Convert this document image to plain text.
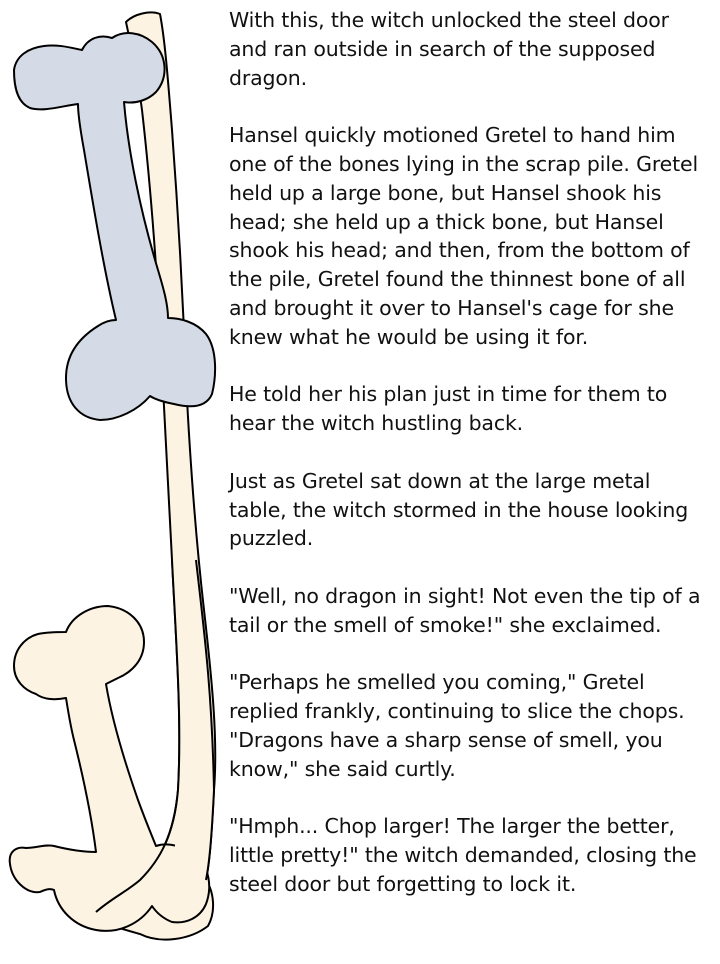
With this, the witch unlocked the steel door and ran outside in search of the supposed dragon.

Hansel quickly motioned Gretel to hand him one of the bones lying in the scrap pile. Gretel held up a large bone, but Hansel shook his head; she held up a thick bone, but Hansel shook his head; and then, from the bottom of the pile, Gretel found the thinnest bone of all and brought it over to Hansel's cage for she knew what he would be using it for.

He told her his plan just in time for them to hear the witch hustling back.

Just as Gretel sat down at the large metal table, the witch stormed in the house looking puzzled.

"Well, no dragon in sight! Not even the tip of a tail or the smell of smoke!" she exclaimed.

"Perhaps he smelled you coming," Gretel replied frankly, continuing to slice the chops. "Dragons have a sharp sense of smell, you know," she said curtly.

"Hmph... Chop larger! The larger the better, little pretty!" the witch demanded, closing the steel door but forgetting to lock it.
